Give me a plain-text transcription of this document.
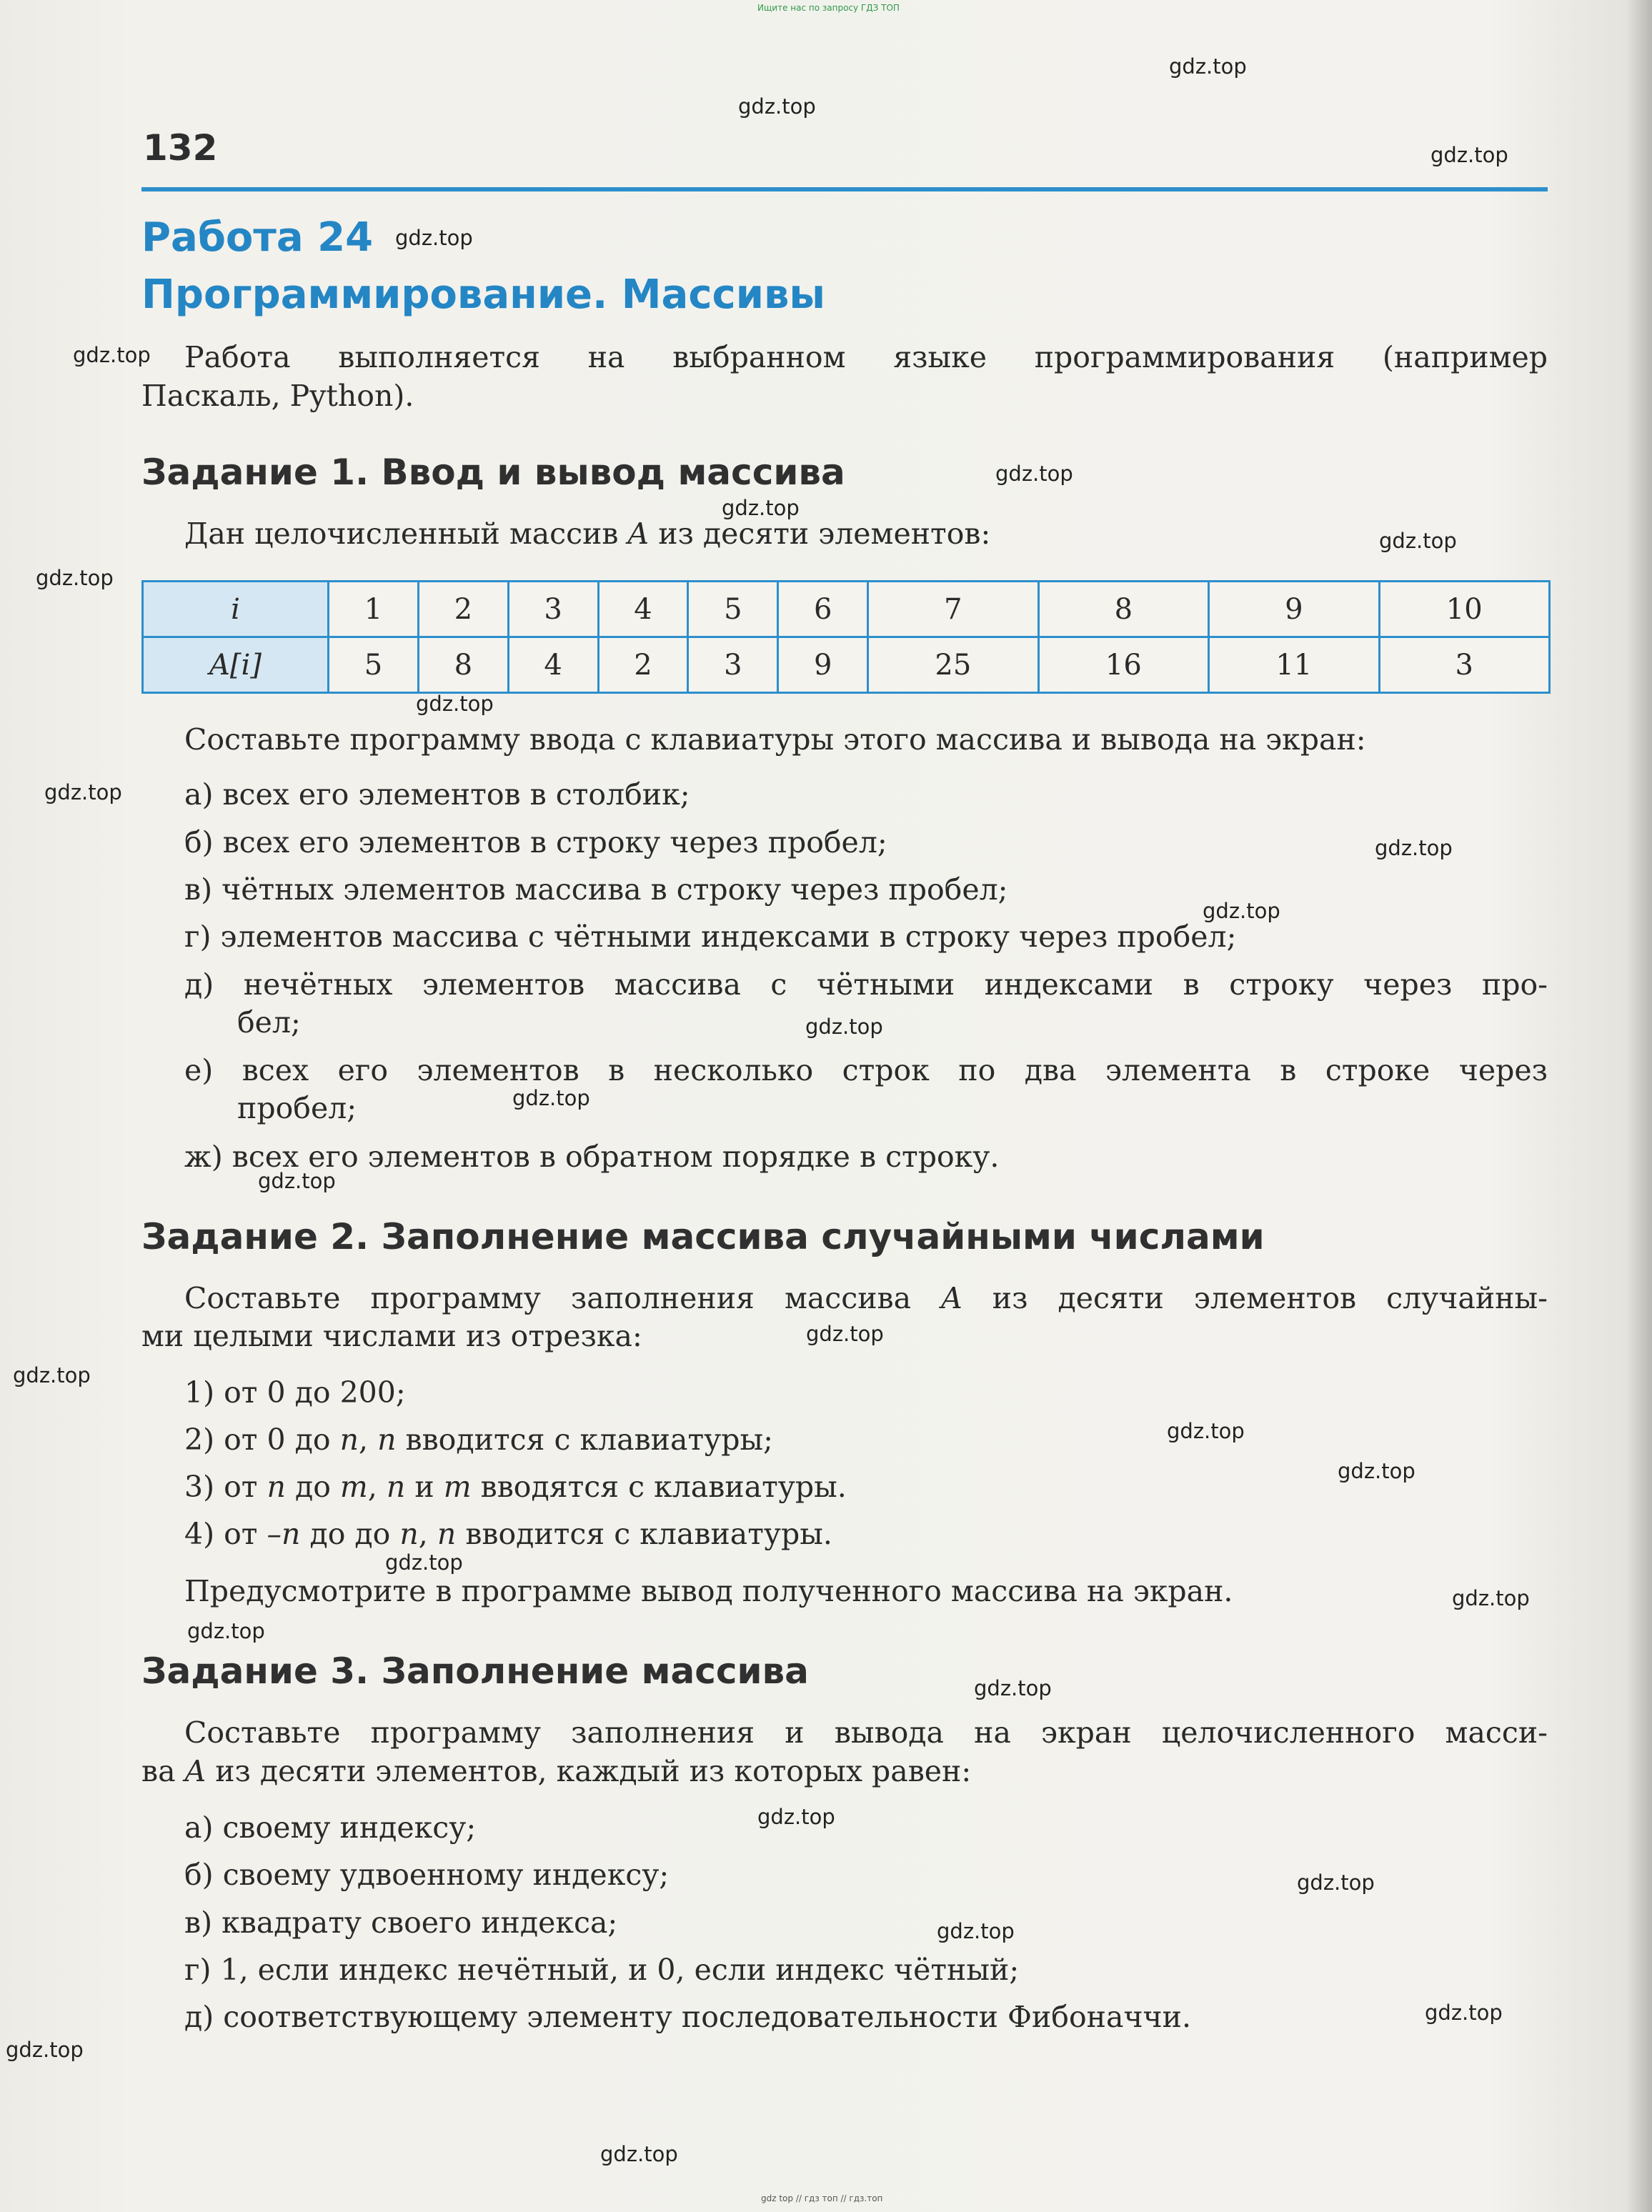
Ищите нас по запросу ГДЗ ТОП
132
Работа 24
Программирование. Массивы
Работа выполняется на выбранном языке программирования (например
Паскаль, Python).
Задание 1. Ввод и вывод массива
Дан целочисленный массив A из десяти элементов:
i	1	2	3	4	5	6	7	8	9	10
A[i]	5	8	4	2	3	9	25	16	11	3
Составьте программу ввода с клавиатуры этого массива и вывода на экран:
а) всех его элементов в столбик;
б) всех его элементов в строку через пробел;
в) чётных элементов массива в строку через пробел;
г) элементов массива с чётными индексами в строку через пробел;
д) нечётных элементов массива с чётными индексами в строку через про-
бел;
е) всех его элементов в несколько строк по два элемента в строке через
пробел;
ж) всех его элементов в обратном порядке в строку.
Задание 2. Заполнение массива случайными числами
Составьте программу заполнения массива A из десяти элементов случайны-
ми целыми числами из отрезка:
1) от 0 до 200;
2) от 0 до n, n вводится с клавиатуры;
3) от n до m, n и m вводятся с клавиатуры.
4) от –n до до n, n вводится с клавиатуры.
Предусмотрите в программе вывод полученного массива на экран.
Задание 3. Заполнение массива
Составьте программу заполнения и вывода на экран целочисленного масси-
ва A из десяти элементов, каждый из которых равен:
а) своему индексу;
б) своему удвоенному индексу;
в) квадрату своего индекса;
г) 1, если индекс нечётный, и 0, если индекс чётный;
д) соответствующему элементу последовательности Фибоначчи.
gdz.top
gdz.top
gdz.top
gdz.top
gdz.top
gdz.top
gdz.top
gdz.top
gdz.top
gdz.top
gdz.top
gdz.top
gdz.top
gdz.top
gdz.top
gdz.top
gdz.top
gdz.top
gdz.top
gdz.top
gdz.top
gdz.top
gdz.top
gdz.top
gdz.top
gdz.top
gdz.top
gdz.top
gdz.top
gdz.top
gdz top // гдз топ // гдз.топ
